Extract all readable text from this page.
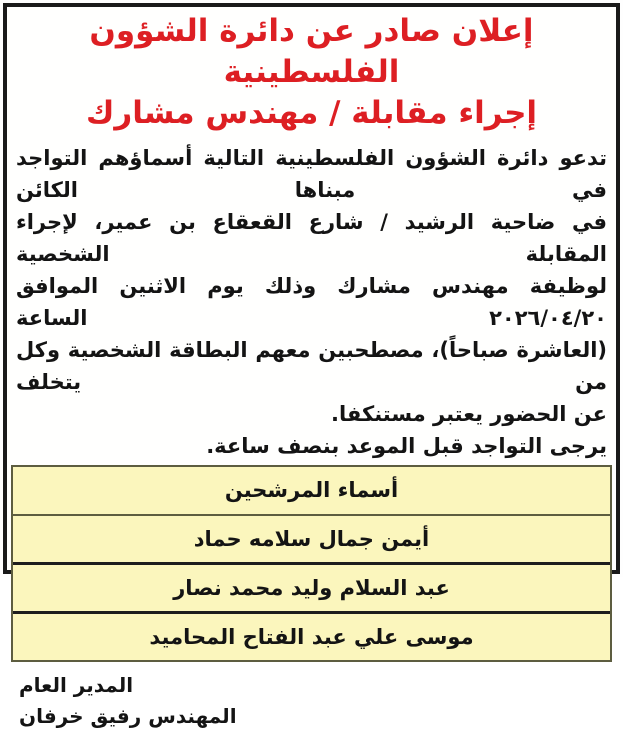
إعلان صادر عن دائرة الشؤون الفلسطينية
إجراء مقابلة / مهندس مشارك
تدعو دائرة الشؤون الفلسطينية التالية أسماؤهم التواجد في مبناها الكائن
في ضاحية الرشيد / شارع القعقاع بن عمير، لإجراء المقابلة الشخصية
لوظيفة مهندس مشارك وذلك يوم الاثنين الموافق ٢٠٢٦/٠٤/٢٠ الساعة
(العاشرة صباحاً)، مصطحبين معهم البطاقة الشخصية وكل من يتخلف
عن الحضور يعتبر مستنكفا.
يرجى التواجد قبل الموعد بنصف ساعة.
أسماء المرشحين
أيمن جمال سلامه حماد
عبد السلام وليد محمد نصار
موسى علي عبد الفتاح المحاميد
المدير العام
المهندس رفيق خرفان
